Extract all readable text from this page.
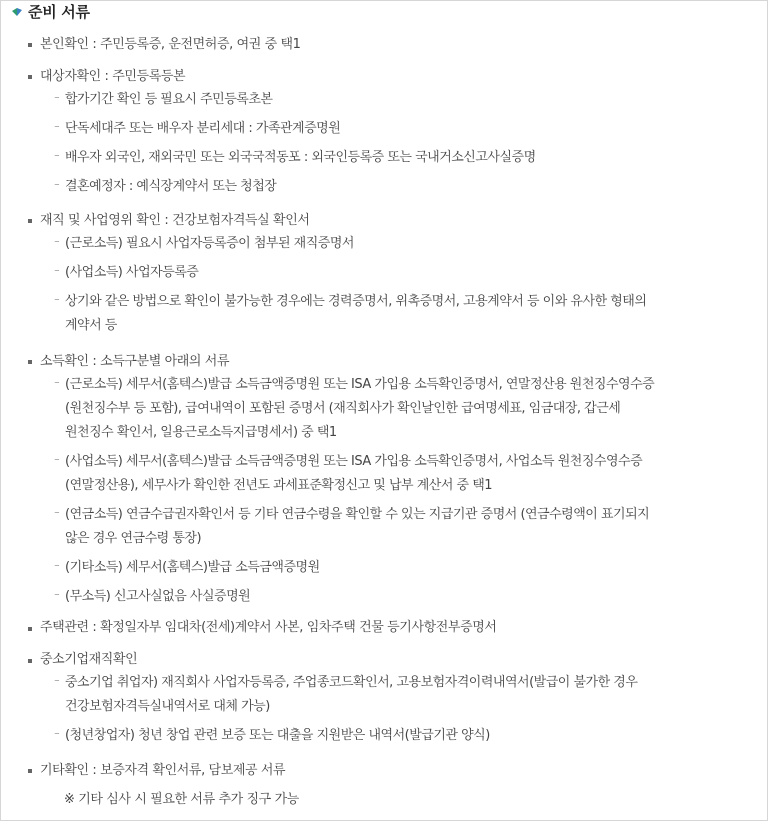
준비 서류
본인확인 : 주민등록증, 운전면허증, 여권 중 택1
대상자확인 : 주민등록등본
⁻ 합가기간 확인 등 필요시 주민등록초본
⁻ 단독세대주 또는 배우자 분리세대 : 가족관계증명원
⁻ 배우자 외국인, 재외국민 또는 외국국적동포 : 외국인등록증 또는 국내거소신고사실증명
⁻ 결혼예정자 : 예식장계약서 또는 청첩장
재직 및 사업영위 확인 : 건강보험자격득실 확인서
⁻ (근로소득) 필요시 사업자등록증이 첨부된 재직증명서
⁻ (사업소득) 사업자등록증
⁻ 상기와 같은 방법으로 확인이 불가능한 경우에는 경력증명서, 위촉증명서, 고용계약서 등 이와 유사한 형태의
계약서 등
소득확인 : 소득구분별 아래의 서류
⁻ (근로소득) 세무서(홈텍스)발급 소득금액증명원 또는 ISA 가입용 소득확인증명서, 연말정산용 원천징수영수증
(원천징수부 등 포함), 급여내역이 포함된 증명서 (재직회사가 확인날인한 급여명세표, 임금대장, 갑근세
원천징수 확인서, 일용근로소득지급명세서) 중 택1
⁻ (사업소득) 세무서(홈텍스)발급 소득금액증명원 또는 ISA 가입용 소득확인증명서, 사업소득 원천징수영수증
(연말정산용), 세무사가 확인한 전년도 과세표준확정신고 및 납부 계산서 중 택1
⁻ (연금소득) 연금수급권자확인서 등 기타 연금수령을 확인할 수 있는 지급기관 증명서 (연금수령액이 표기되지
않은 경우 연금수령 통장)
⁻ (기타소득) 세무서(홈텍스)발급 소득금액증명원
⁻ (무소득) 신고사실없음 사실증명원
주택관련 : 확정일자부 임대차(전세)계약서 사본, 임차주택 건물 등기사항전부증명서
중소기업재직확인
⁻ 중소기업 취업자) 재직회사 사업자등록증, 주업종코드확인서, 고용보험자격이력내역서(발급이 불가한 경우
건강보험자격득실내역서로 대체 가능)
⁻ (청년창업자) 청년 창업 관련 보증 또는 대출을 지원받은 내역서(발급기관 양식)
기타확인 : 보증자격 확인서류, 담보제공 서류
※ 기타 심사 시 필요한 서류 추가 징구 가능
